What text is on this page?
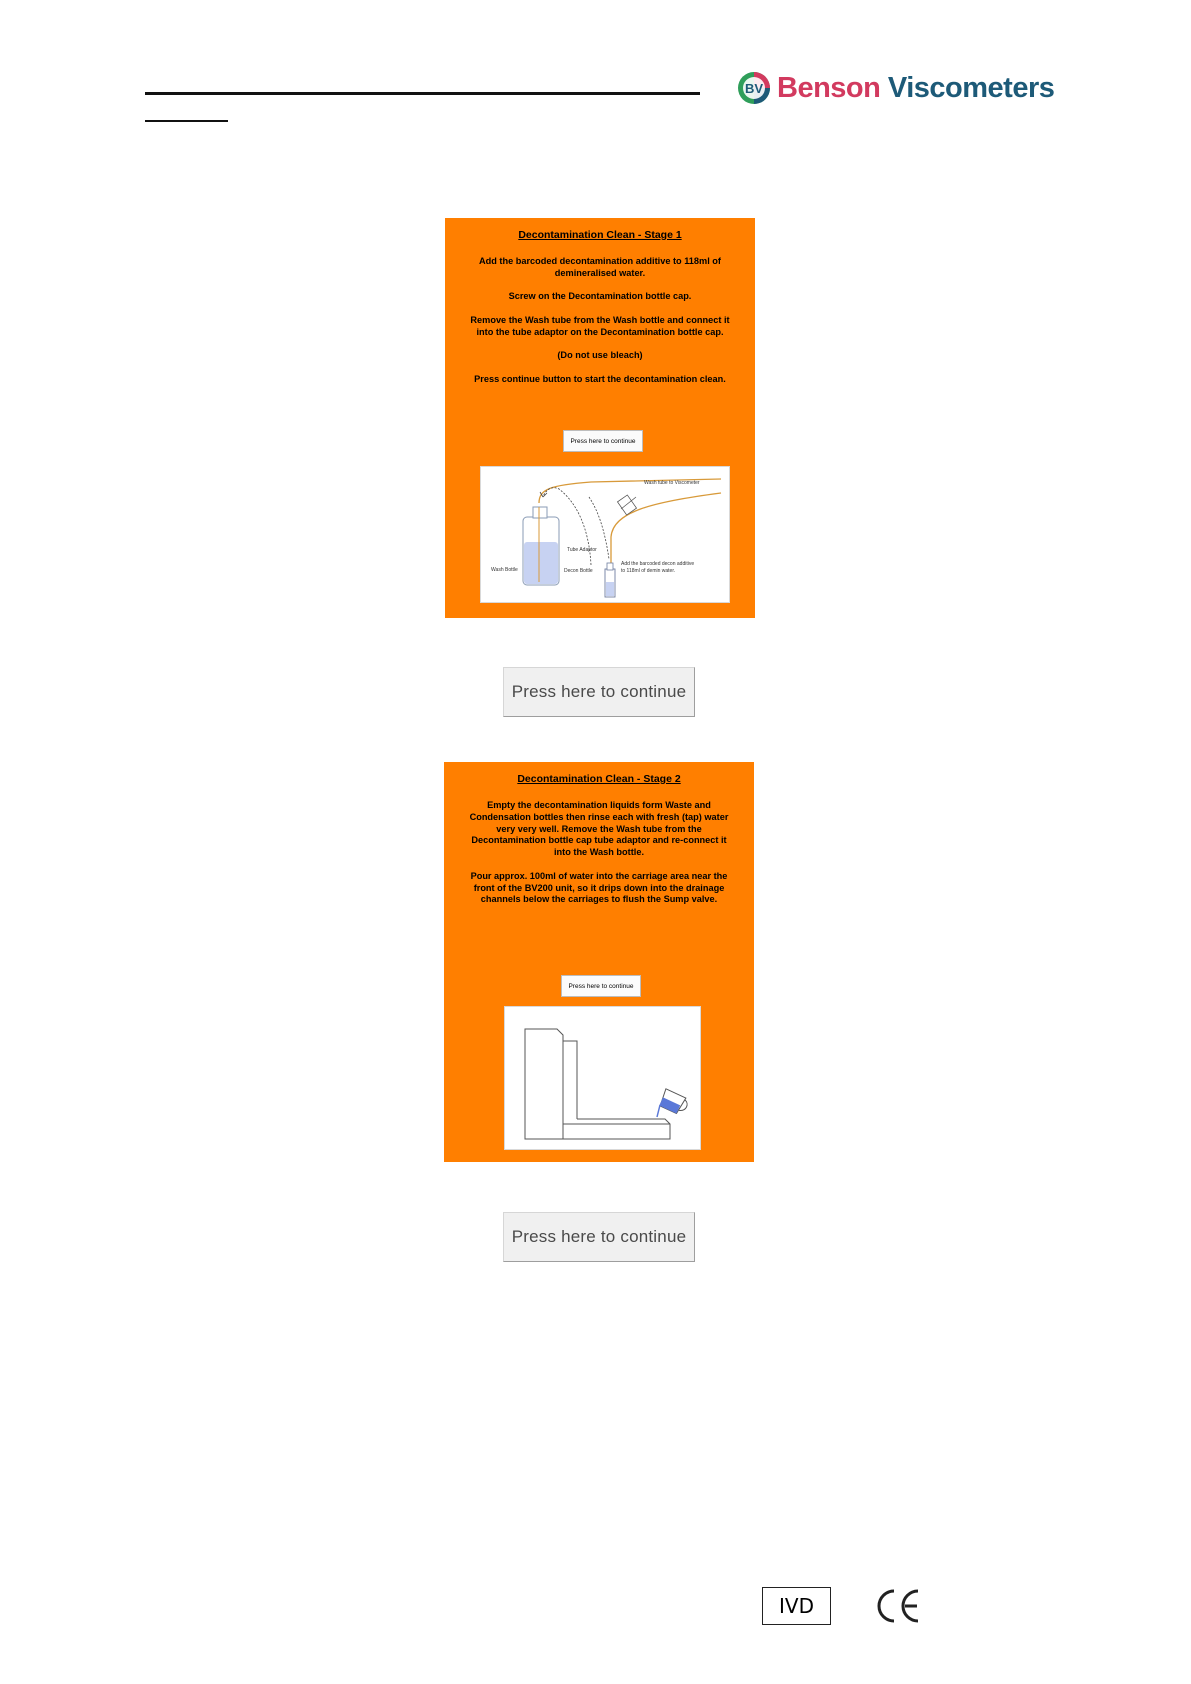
BV Benson Viscometers
Decontamination Clean - Stage 1

Add the barcoded decontamination additive to 118ml of demineralised water.

Screw on the Decontamination bottle cap.

Remove the Wash tube from the Wash bottle and connect it into the tube adaptor on the Decontamination bottle cap.

(Do not use bleach)

Press continue button to start the decontamination clean.

Press here to continue
Wash tube to Viscometer
Tube Adaptor
Wash Bottle	Decon Bottle
Add the barcoded decon additive
to 118ml of demin water.
Press here to continue
Decontamination Clean - Stage 2

Empty the decontamination liquids form Waste and Condensation bottles then rinse each with fresh (tap) water very very well. Remove the Wash tube from the Decontamination bottle cap tube adaptor and re-connect it into the Wash bottle.

Pour approx. 100ml of water into the carriage area near the front of the BV200 unit, so it drips down into the drainage channels below the carriages to flush the Sump valve.

Press here to continue
Press here to continue
IVD
